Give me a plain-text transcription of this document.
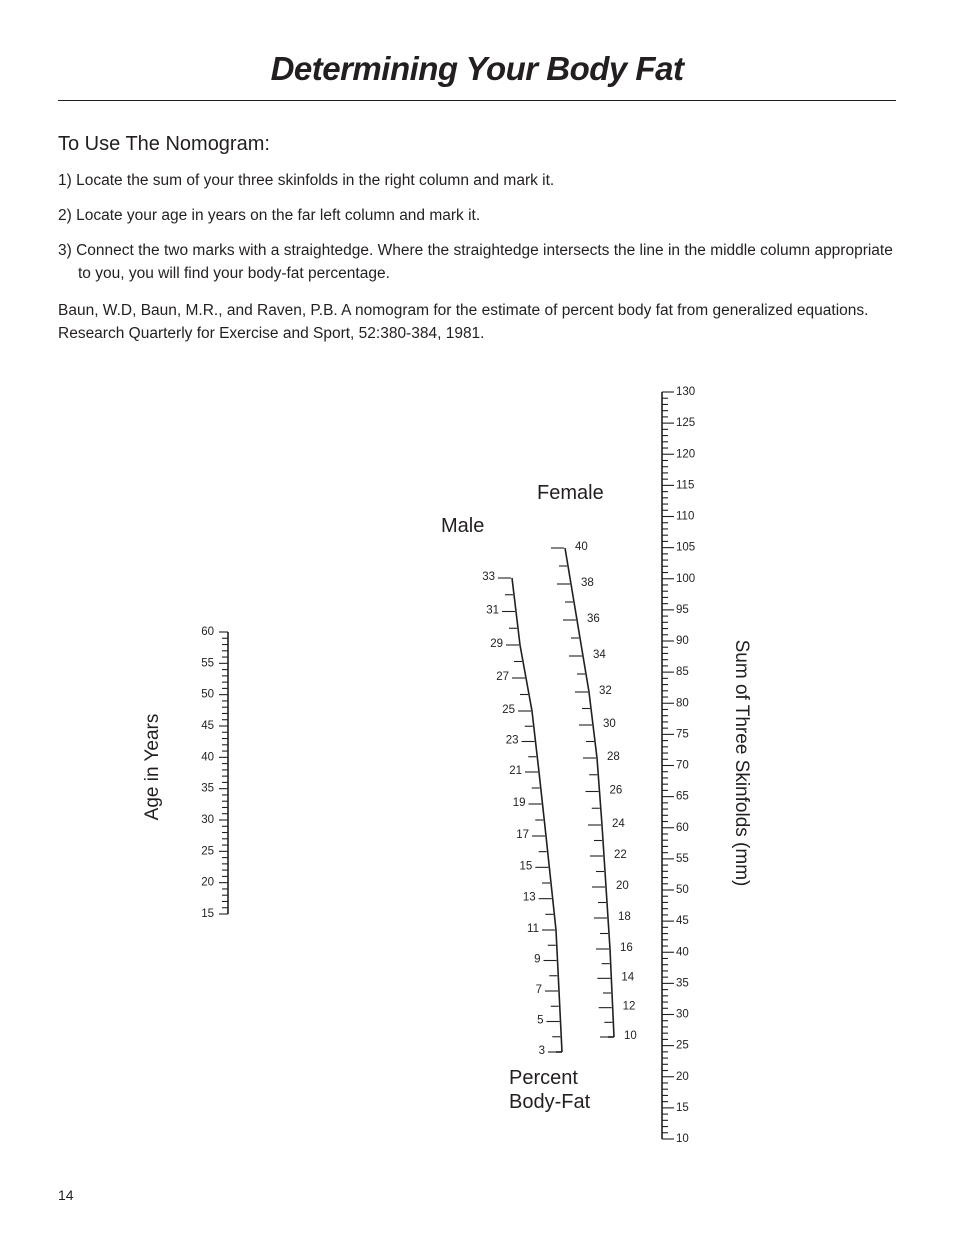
Determining Your Body Fat
To Use The Nomogram:

1) Locate the sum of your three skinfolds in the right column and mark it.

2) Locate your age in years on the far left column and mark it.

3) Connect the two marks with a straightedge. Where the straightedge intersects the line in the middle column appropriate to you, you will find your body-fat percentage.

Baun, W.D, Baun, M.R., and Raven, P.B. A nomogram for the estimate of percent body fat from generalized equations. Research Quarterly for Exercise and Sport, 52:380-384, 1981.

15
20
25
30
35
40
45
50
55
60
3
5
7
9
11
13
15
17
19
21
23
25
27
29
31
33
10
12
14
16
18
20
22
24
26
28
30
32
34
36
38
40
10
15
20
25
30
35
40
45
50
55
60
65
70
75
80
85
90
95
100
105
110
115
120
125
130
Age in Years
Male
Female
Percent
Body-Fat
Sum of Three Skinfolds (mm)
14
